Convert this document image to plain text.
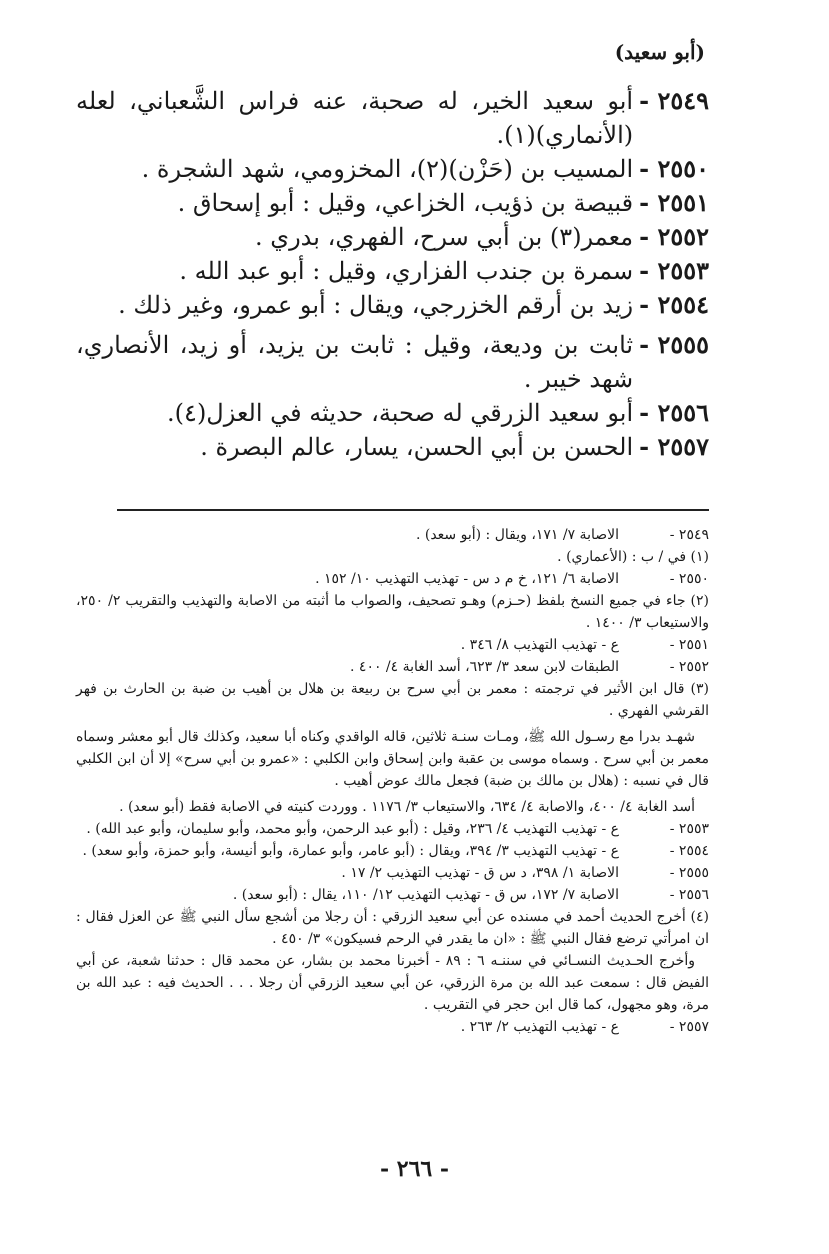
(أبو سعيد)
٢٥٤٩ -
أبو سعيد الخير، له صحبة، عنه فراس الشَّعباني، لعله (الأنماري)(١).
٢٥٥٠ -
المسيب بن (حَزْن)(٢)، المخزومي، شهد الشجرة .
٢٥٥١ -
قبيصة بن ذؤيب، الخزاعي، وقيل : أبو إسحاق .
٢٥٥٢ -
معمر(٣) بن أبي سرح، الفهري، بدري .
٢٥٥٣ -
سمرة بن جندب الفزاري، وقيل : أبو عبد الله .
٢٥٥٤ -
زيد بن أرقم الخزرجي، ويقال : أبو عمرو، وغير ذلك .
٢٥٥٥ -
ثابت بن وديعة، وقيل : ثابت بن يزيد، أو زيد، الأنصاري، شهد خيبر .
٢٥٥٦ -
أبو سعيد الزرقي له صحبة، حديثه في العزل(٤).
٢٥٥٧ -
الحسن بن أبي الحسن، يسار، عالم البصرة .
٢٥٤٩ -
الاصابة ٧/ ١٧١، ويقال : (أبو سعد) .
(١) في / ب : (الأعماري) .
٢٥٥٠ -
الاصابة ٦/ ١٢١، خ م د س - تهذيب التهذيب ١٠/ ١٥٢ .
(٢) جاء في جميع النسخ بلفظ (حـزم) وهـو تصحيف، والصواب ما أثبته من الاصابة والتهذيب والتقريب ٢/ ٢٥٠، والاستيعاب ٣/ ١٤٠٠ .
٢٥٥١ -
ع - تهذيب التهذيب ٨/ ٣٤٦ .
٢٥٥٢ -
الطبقات لابن سعد ٣/ ٦٢٣، أسد الغابة ٤/ ٤٠٠ .
(٣) قال ابن الأثير في ترجمته : معمر بن أبي سرح بن ربيعة بن هلال بن أهيب بن ضبة بن الحارث بن فهر القرشي الفهري .
شهـد بدرا مع رسـول الله ﷺ، ومـات سنـة ثلاثين، قاله الواقدي وكناه أبا سعيد، وكذلك قال أبو معشر وسماه معمر بن أبي سرح . وسماه موسى بن عقبة وابن إسحاق وابن الكلبي : «عمرو بن أبي سرح» إلا أن ابن الكلبي قال في نسبه : (هلال بن مالك بن ضبة) فجعل مالك عوض أهيب .
أسد الغابة ٤/ ٤٠٠، والاصابة ٤/ ٦٣٤، والاستيعاب ٣/ ١١٧٦ . ووردت كنيته في الاصابة فقط (أبو سعد) .
٢٥٥٣ -
ع - تهذيب التهذيب ٤/ ٢٣٦، وقيل : (أبو عبد الرحمن، وأبو محمد، وأبو سليمان، وأبو عبد الله) .
٢٥٥٤ -
ع - تهذيب التهذيب ٣/ ٣٩٤، ويقال : (أبو عامر، وأبو عمارة، وأبو أنيسة، وأبو حمزة، وأبو سعد) .
٢٥٥٥ -
الاصابة ١/ ٣٩٨، د س ق - تهذيب التهذيب ٢/ ١٧ .
٢٥٥٦ -
الاصابة ٧/ ١٧٢، س ق - تهذيب التهذيب ١٢/ ١١٠، يقال : (أبو سعد) .
(٤) أخرج الحديث أحمد في مسنده عن أبي سعيد الزرقي : أن رجلا من أشجع سأل النبي ﷺ عن العزل فقال : ان امرأتي ترضع فقال النبي ﷺ : «ان ما يقدر في الرحم فسيكون» ٣/ ٤٥٠ .
وأخرج الحـديث النسـائي في سننـه ٦ : ٨٩ - أخبرنا محمد بن بشار، عن محمد قال : حدثنا شعبة، عن أبي الفيض قال : سمعت عبد الله بن مرة الزرقي، عن أبي سعيد الزرقي أن رجلا . . . الحديث فيه : عبد الله بن مرة، وهو مجهول، كما قال ابن حجر في التقريب .
٢٥٥٧ -
ع - تهذيب التهذيب ٢/ ٢٦٣ .
- ٢٦٦ -
